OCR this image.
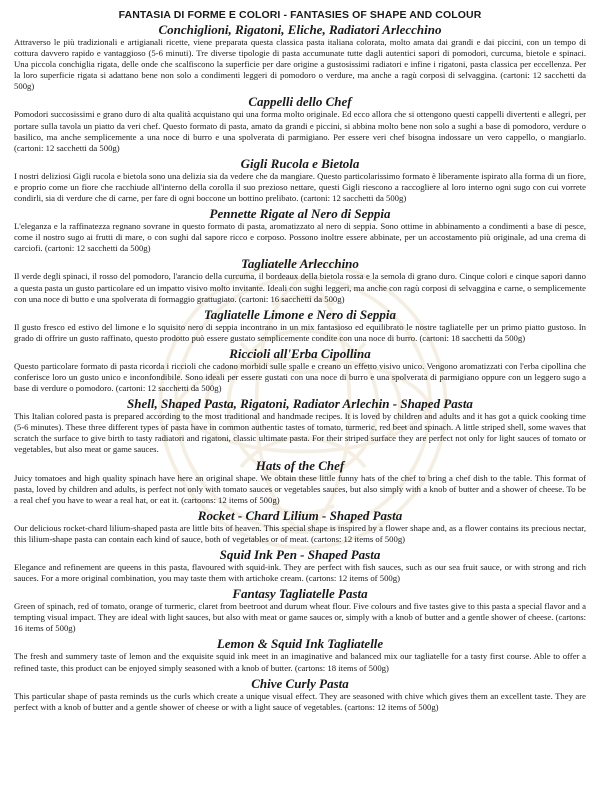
FANTASIA DI FORME E COLORI - FANTASIES OF SHAPE AND COLOUR
Conchiglioni, Rigatoni, Eliche, Radiatori Arlecchino

Attraverso le più tradizionali e artigianali ricette, viene preparata questa classica pasta italiana colorata, molto amata dai grandi e dai piccini, con un tempo di cottura davvero rapido e vantaggioso (5-6 minuti). Tre diverse tipologie di pasta accumunate tutte dagli autentici sapori di pomodori, curcuma, bietole e spinaci. Una piccola conchiglia rigata, delle onde che scalfiscono la superficie per dare origine a gustosissimi radiatori e infine i rigatoni, pasta classica per eccellenza. Per la loro superficie rigata si adattano bene non solo a condimenti leggeri di pomodoro o verdure, ma anche a ragù corposi di selvaggina. (cartoni: 12 sacchetti da 500g)

Cappelli dello Chef

Pomodori succosissimi e grano duro di alta qualità acquistano qui una forma molto originale. Ed ecco allora che si ottengono questi cappelli divertenti e allegri, per portare sulla tavola un piatto da veri chef. Questo formato di pasta, amato da grandi e piccini, si abbina molto bene non solo a sughi a base di pomodoro, verdure o basilico, ma anche semplicemente a una noce di burro e una spolverata di parmigiano. Per essere veri chef bisogna indossare un vero cappello, o mangiarlo. (cartoni: 12 sacchetti da 500g)

Gigli Rucola e Bietola

I nostri deliziosi Gigli rucola e bietola sono una delizia sia da vedere che da mangiare. Questo particolarissimo formato è liberamente ispirato alla forma di un fiore, e proprio come un fiore che racchiude all'interno della corolla il suo prezioso nettare, questi Gigli riescono a raccogliere al loro interno ogni sugo con cui vorrete condirli, sia di verdure che di carne, per fare di ogni boccone un bottino prelibato. (cartoni: 12 sacchetti da 500g)

Pennette Rigate al Nero di Seppia

L'eleganza e la raffinatezza regnano sovrane in questo formato di pasta, aromatizzato al nero di seppia. Sono ottime in abbinamento a condimenti a base di pesce, come il nostro sugo ai frutti di mare, o con sughi dal sapore ricco e corposo. Possono inoltre essere abbinate, per un accostamento più originale, ad una crema di carciofi. (cartoni: 12 sacchetti da 500g)

Tagliatelle Arlecchino

Il verde degli spinaci, il rosso del pomodoro, l'arancio della curcuma, il bordeaux della bietola rossa e la semola di grano duro. Cinque colori e cinque sapori danno a questa pasta un gusto particolare ed un impatto visivo molto invitante. Ideali con sughi leggeri, ma anche con ragù corposi di selvaggina e carne, o semplicemente con una noce di butto e una spolverata di formaggio grattugiato. (cartoni: 16 sacchetti da 500g)

Tagliatelle Limone e Nero di Seppia

Il gusto fresco ed estivo del limone e lo squisito nero di seppia incontrano in un mix fantasioso ed equilibrato le nostre tagliatelle per un primo piatto gustoso. In grado di offrire un gusto raffinato, questo prodotto può essere gustato semplicemente condite con una noce di burro. (cartoni: 18 sacchetti da 500g)

Riccioli all'Erba Cipollina

Questo particolare formato di pasta ricorda i riccioli che cadono morbidi sulle spalle e creano un effetto visivo unico. Vengono aromatizzati con l'erba cipollina che conferisce loro un gusto unico e inconfondibile. Sono ideali per essere gustati con una noce di burro e una spolverata di parmigiano oppure con un leggero sugo a base di verdure o pomodoro. (cartoni: 12 sacchetti da 500g)

Shell, Shaped Pasta, Rigatoni, Radiator Arlechin - Shaped Pasta

This Italian colored pasta is prepared according to the most traditional and handmade recipes. It is loved by children and adults and it has got a quick cooking time (5-6 minutes). These three different types of pasta have in common authentic tastes of tomato, turmeric, red beet and spinach. A little striped shell, some waves that scratch the surface to give birth to tasty radiatori and rigatoni, classic ultimate pasta. For their striped surface they are perfect not only for light sauces of tomato or vegetables, but also meat or game sauces.

Hats of the Chef

Juicy tomatoes and high quality spinach have here an original shape. We obtain these little funny hats of the chef to bring a chef dish to the table. This format of pasta, loved by children and adults, is perfect not only with tomato sauces or vegetables sauces, but also simply with a knob of butter and a shower of cheese. To be a real chef you have to wear a real hat, or eat it. (cartoons: 12 items of 500g)

Rocket - Chard Lilium - Shaped Pasta

Our delicious rocket-chard lilium-shaped pasta are little bits of heaven. This special shape is inspired by a flower shape and, as a flower contains its precious nectar, this lilium-shape pasta can contain each kind of sauce, both of vegetables or of meat. (cartons: 12 items of 500g)

Squid Ink Pen - Shaped Pasta

Elegance and refinement are queens in this pasta, flavoured with squid-ink. They are perfect with fish sauces, such as our sea fruit sauce, or with strong and rich sauces. For a more original combination, you may taste them with artichoke cream. (cartons: 12 items of 500g)

Fantasy Tagliatelle Pasta

Green of spinach, red of tomato, orange of turmeric, claret from beetroot and durum wheat flour. Five colours and five tastes give to this pasta a special flavor and a tempting visual impact. They are ideal with light sauces, but also with meat or game sauces or, simply with a knob of butter and a gentle shower of cheese. (cartons: 16 items of 500g)

Lemon & Squid Ink Tagliatelle

The fresh and summery taste of lemon and the exquisite squid ink meet in an imaginative and balanced mix our tagliatelle for a tasty first course. Able to offer a refined taste, this product can be enjoyed simply seasoned with a knob of butter. (cartons: 18 items of 500g)

Chive Curly Pasta

This particular shape of pasta reminds us the curls which create a unique visual effect. They are seasoned with chive which gives them an excellent taste. They are perfect with a knob of butter and a gentle shower of cheese or with a light sauce of vegetables. (cartons: 12 items of 500g)
